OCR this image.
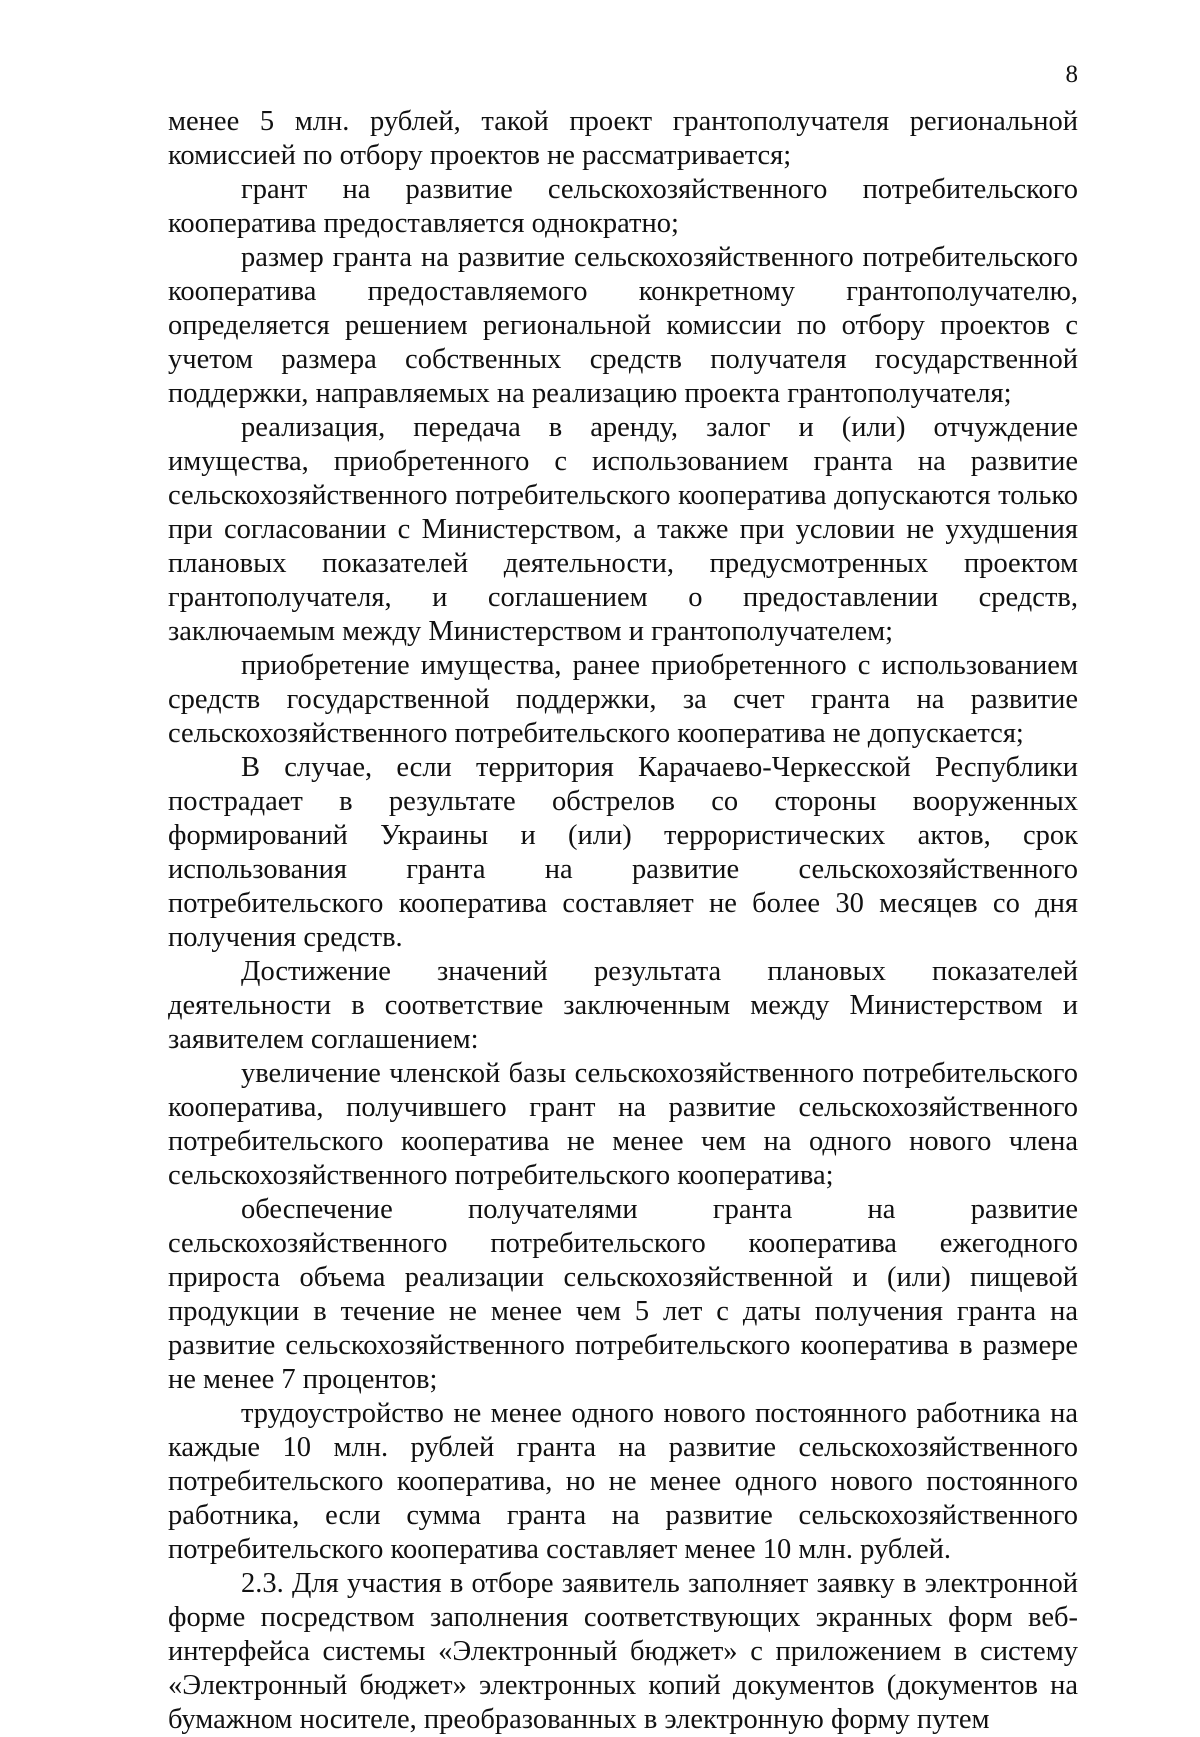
8

менее 5 млн. рублей, такой проект грантополучателя региональной комиссией по отбору проектов не рассматривается;

грант на развитие сельскохозяйственного потребительского кооператива предоставляется однократно;

размер гранта на развитие сельскохозяйственного потребительского кооператива предоставляемого конкретному грантополучателю, определяется решением региональной комиссии по отбору проектов с учетом размера собственных средств получателя государственной поддержки, направляемых на реализацию проекта грантополучателя;

реализация, передача в аренду, залог и (или) отчуждение имущества, приобретенного с использованием гранта на развитие сельскохозяйственного потребительского кооператива допускаются только при согласовании с Министерством, а также при условии не ухудшения плановых показателей деятельности, предусмотренных проектом грантополучателя, и соглашением о предоставлении средств, заключаемым между Министерством и грантополучателем;

приобретение имущества, ранее приобретенного с использованием средств государственной поддержки, за счет гранта на развитие сельскохозяйственного потребительского кооператива не допускается;

В случае, если территория Карачаево-Черкесской Республики пострадает в результате обстрелов со стороны вооруженных формирований Украины и (или) террористических актов, срок использования гранта на развитие сельскохозяйственного потребительского кооператива составляет не более 30 месяцев со дня получения средств.

Достижение значений результата плановых показателей деятельности в соответствие заключенным между Министерством и заявителем соглашением:

увеличение членской базы сельскохозяйственного потребительского кооператива, получившего грант на развитие сельскохозяйственного потребительского кооператива не менее чем на одного нового члена сельскохозяйственного потребительского кооператива;

обеспечение получателями гранта на развитие сельскохозяйственного потребительского кооператива ежегодного прироста объема реализации сельскохозяйственной и (или) пищевой продукции в течение не менее чем 5 лет с даты получения гранта на развитие сельскохозяйственного потребительского кооператива в размере не менее 7 процентов;

трудоустройство не менее одного нового постоянного работника на каждые 10 млн. рублей гранта на развитие сельскохозяйственного потребительского кооператива, но не менее одного нового постоянного работника, если сумма гранта на развитие сельскохозяйственного потребительского кооператива составляет менее 10 млн. рублей.

2.3. Для участия в отборе заявитель заполняет заявку в электронной форме посредством заполнения соответствующих экранных форм веб-интерфейса системы «Электронный бюджет» с приложением в систему «Электронный бюджет» электронных копий документов (документов на бумажном носителе, преобразованных в электронную форму путем
